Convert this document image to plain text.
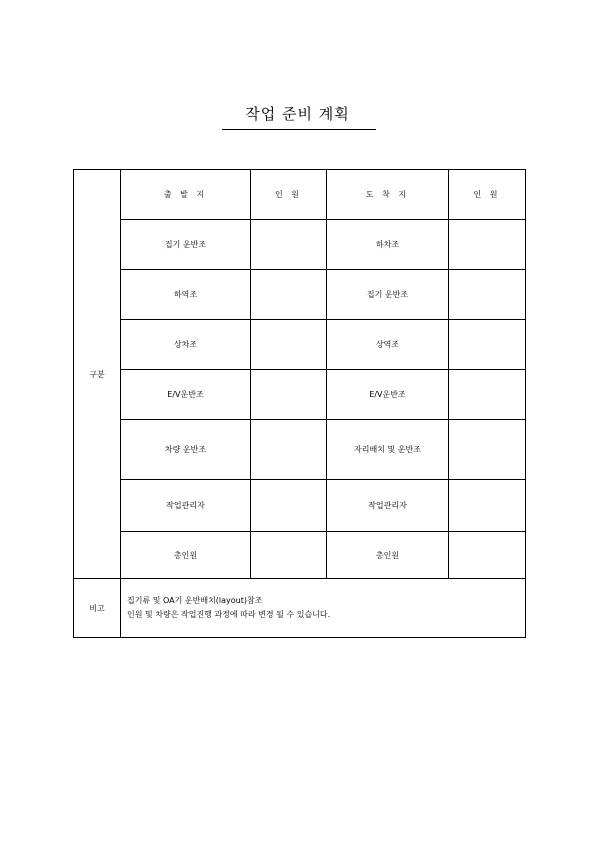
작업 준비 계획
구분	출 발 지	인 원	도 착 지	인 원
	집기 운반조		하차조	
	하역조		집기 운반조	
	상차조		상역조	
	E/V운반조		E/V운반조	
	차량 운반조		자리배치 및 운반조	
	작업관리자		작업관리자	
	총인원		총인원	
비고	집기류 및 OA기 운반배치(layout)참조
인원 및 차량은 작업진행 과정에 따라 변경 될 수 있습니다.			
